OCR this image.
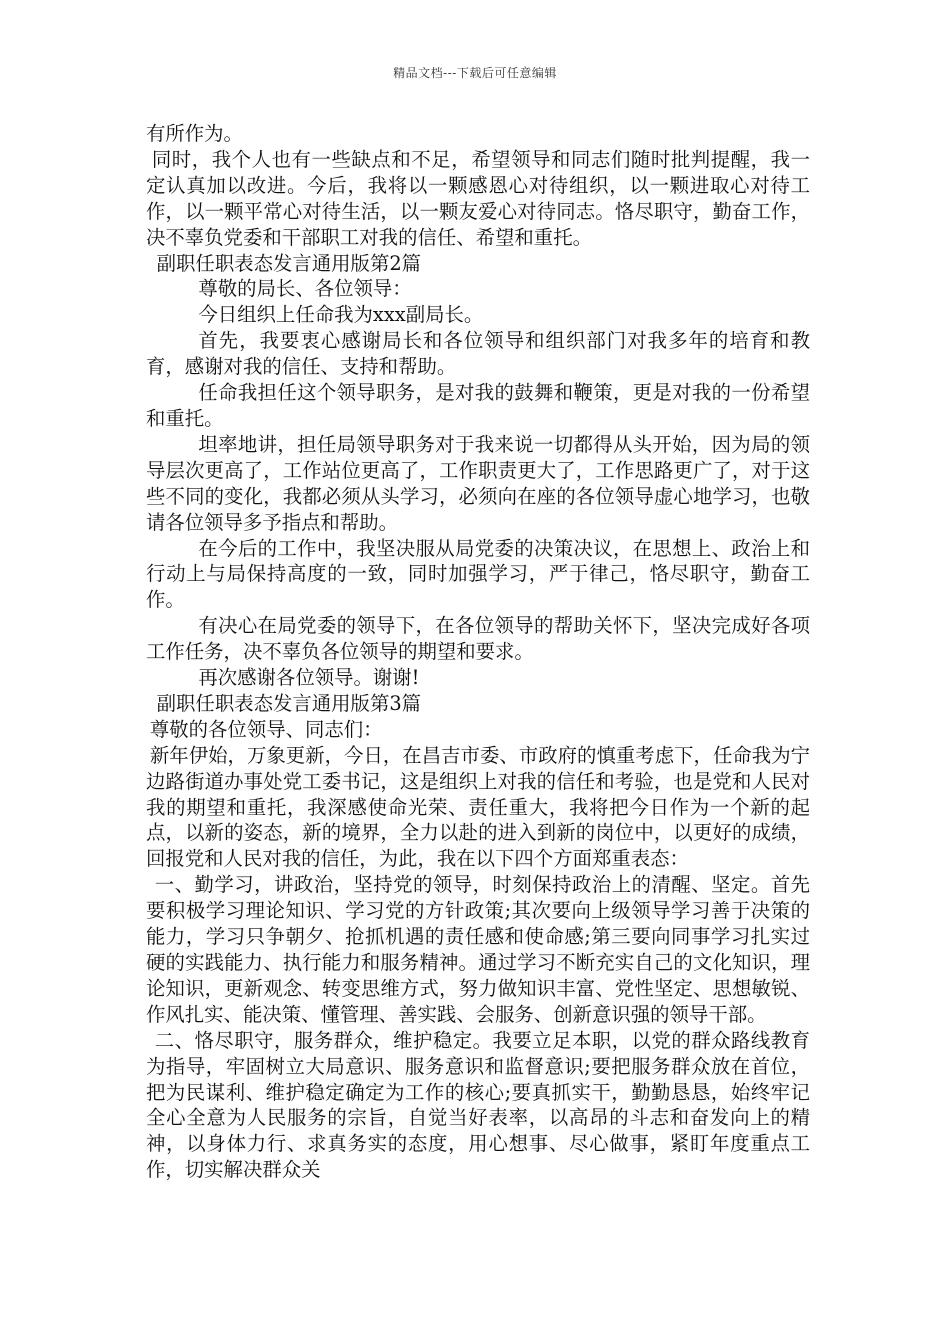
精品文档---下载后可任意编辑

有所作为。

同时，我个人也有一些缺点和不足，希望领导和同志们随时批判提醒，我一定认真加以改进。今后，我将以一颗感恩心对待组织，以一颗进取心对待工作，以一颗平常心对待生活，以一颗友爱心对待同志。恪尽职守，勤奋工作，决不辜负党委和干部职工对我的信任、希望和重托。

副职任职表态发言通用版第2篇

尊敬的局长、各位领导：

今日组织上任命我为xxx副局长。

首先，我要衷心感谢局长和各位领导和组织部门对我多年的培育和教育，感谢对我的信任、支持和帮助。

任命我担任这个领导职务，是对我的鼓舞和鞭策，更是对我的一份希望和重托。

坦率地讲，担任局领导职务对于我来说一切都得从头开始，因为局的领导层次更高了，工作站位更高了，工作职责更大了，工作思路更广了，对于这些不同的变化，我都必须从头学习，必须向在座的各位领导虚心地学习，也敬请各位领导多予指点和帮助。

在今后的工作中，我坚决服从局党委的决策决议，在思想上、政治上和行动上与局保持高度的一致，同时加强学习，严于律己，恪尽职守，勤奋工作。

有决心在局党委的领导下，在各位领导的帮助关怀下，坚决完成好各项工作任务，决不辜负各位领导的期望和要求。

再次感谢各位领导。谢谢!

副职任职表态发言通用版第3篇

尊敬的各位领导、同志们：

新年伊始，万象更新，今日，在昌吉市委、市政府的慎重考虑下，任命我为宁边路街道办事处党工委书记，这是组织上对我的信任和考验，也是党和人民对我的期望和重托，我深感使命光荣、责任重大，我将把今日作为一个新的起点，以新的姿态，新的境界，全力以赴的进入到新的岗位中，以更好的成绩，回报党和人民对我的信任，为此，我在以下四个方面郑重表态：

一、勤学习，讲政治，坚持党的领导，时刻保持政治上的清醒、坚定。首先要积极学习理论知识、学习党的方针政策;其次要向上级领导学习善于决策的能力，学习只争朝夕、抢抓机遇的责任感和使命感;第三要向同事学习扎实过硬的实践能力、执行能力和服务精神。通过学习不断充实自己的文化知识，理论知识，更新观念、转变思维方式，努力做知识丰富、党性坚定、思想敏锐、作风扎实、能决策、懂管理、善实践、会服务、创新意识强的领导干部。

二、恪尽职守，服务群众，维护稳定。我要立足本职，以党的群众路线教育为指导，牢固树立大局意识、服务意识和监督意识;要把服务群众放在首位，把为民谋利、维护稳定确定为工作的核心;要真抓实干，勤勤恳恳，始终牢记全心全意为人民服务的宗旨，自觉当好表率，以高昂的斗志和奋发向上的精神，以身体力行、求真务实的态度，用心想事、尽心做事，紧盯年度重点工作，切实解决群众关
